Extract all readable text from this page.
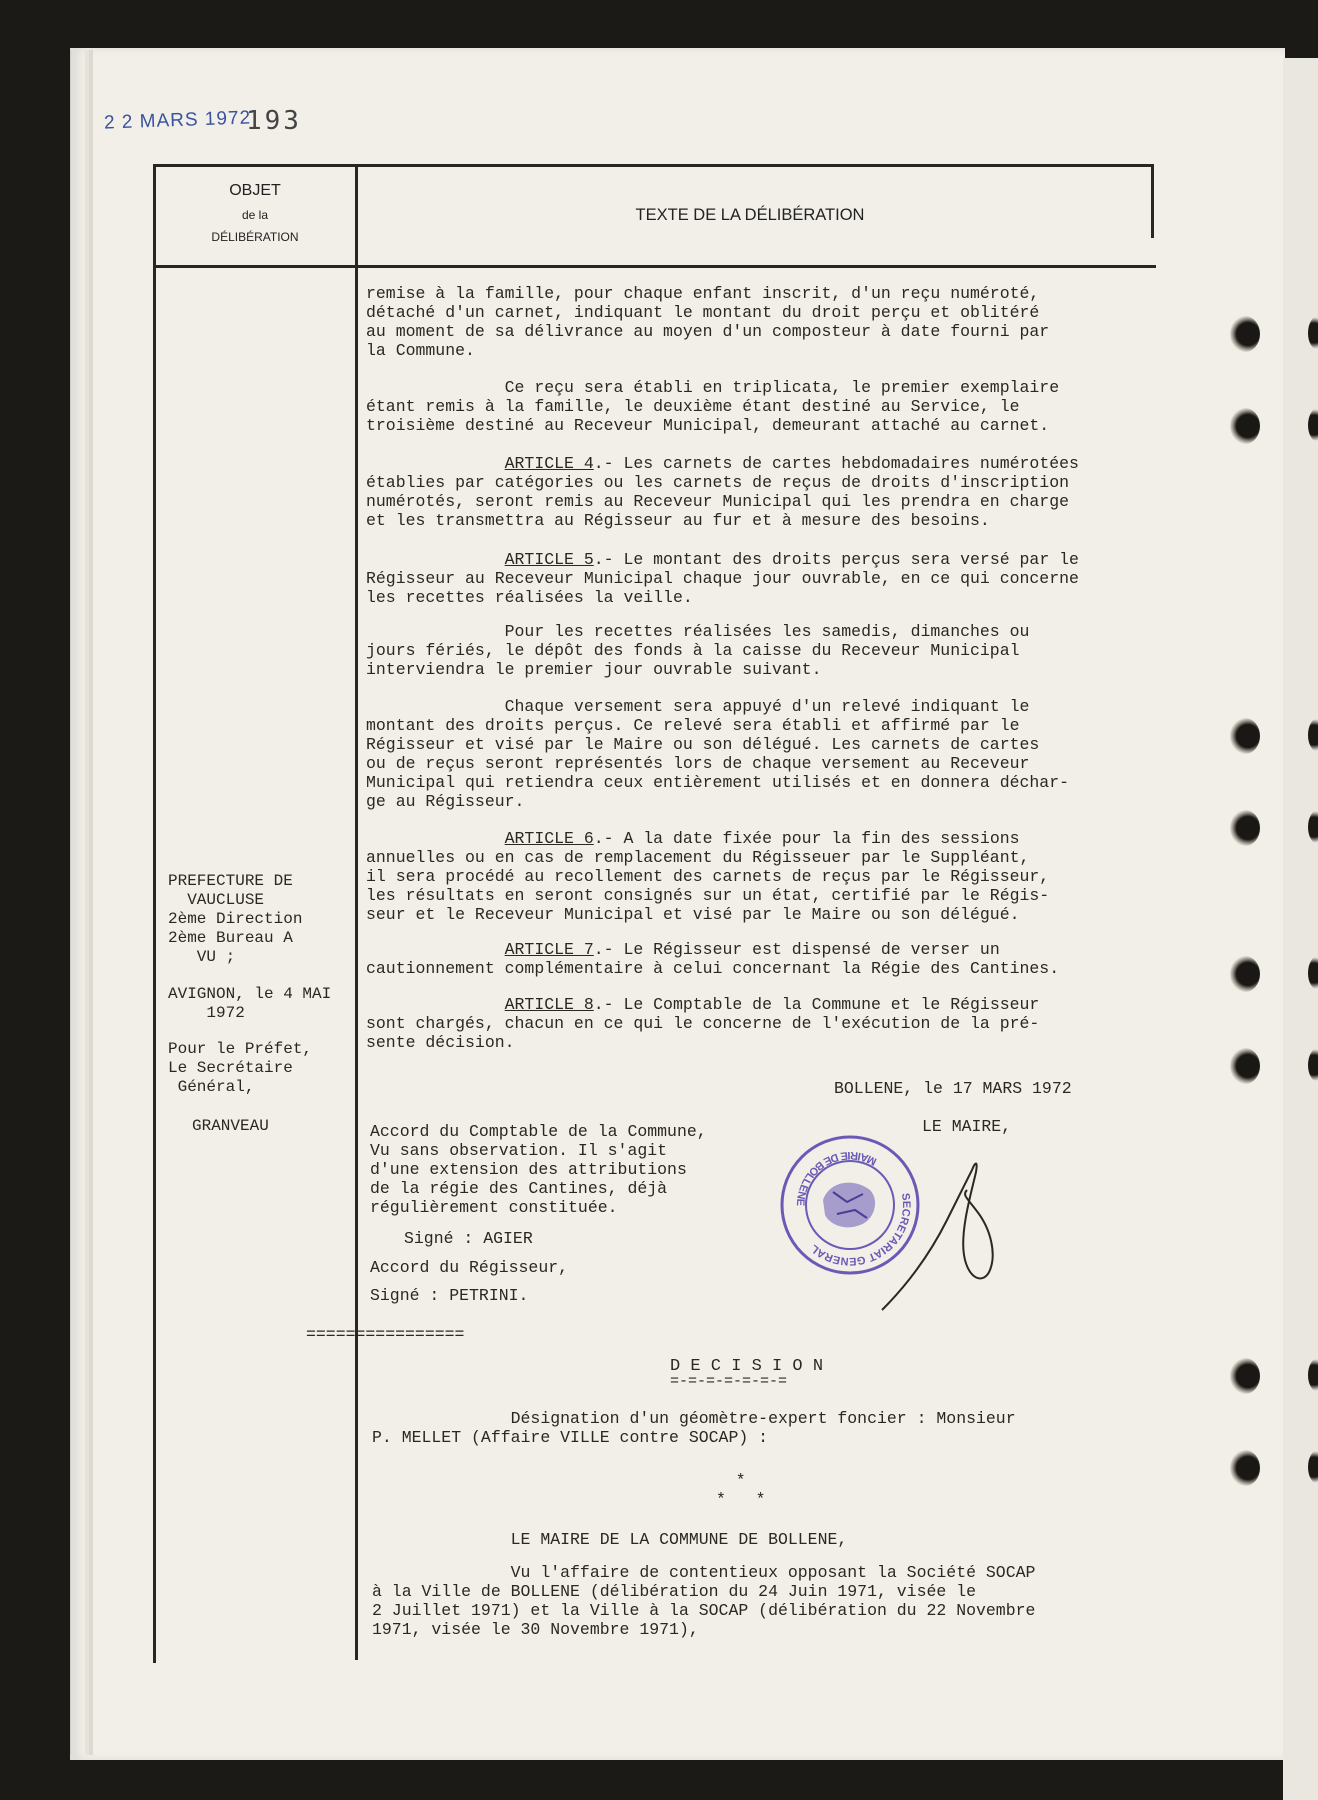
2 2 MARS 1972
193
OBJET
de la
DÉLIBÉRATION
TEXTE DE LA DÉLIBÉRATION
remise à la famille, pour chaque enfant inscrit, d'un reçu numéroté,
détaché d'un carnet, indiquant le montant du droit perçu et oblitéré
au moment de sa délivrance au moyen d'un composteur à date fourni par
la Commune.
Ce reçu sera établi en triplicata, le premier exemplaire
étant remis à la famille, le deuxième étant destiné au Service, le
troisième destiné au Receveur Municipal, demeurant attaché au carnet.
ARTICLE 4.- Les carnets de cartes hebdomadaires numérotées
établies par catégories ou les carnets de reçus de droits d'inscription
numérotés, seront remis au Receveur Municipal qui les prendra en charge
et les transmettra au Régisseur au fur et à mesure des besoins.
ARTICLE 5.- Le montant des droits perçus sera versé par le
Régisseur au Receveur Municipal chaque jour ouvrable, en ce qui concerne
les recettes réalisées la veille.
Pour les recettes réalisées les samedis, dimanches ou
jours fériés, le dépôt des fonds à la caisse du Receveur Municipal
interviendra le premier jour ouvrable suivant.
Chaque versement sera appuyé d'un relevé indiquant le
montant des droits perçus. Ce relevé sera établi et affirmé par le
Régisseur et visé par le Maire ou son délégué. Les carnets de cartes
ou de reçus seront représentés lors de chaque versement au Receveur
Municipal qui retiendra ceux entièrement utilisés et en donnera déchar-
ge au Régisseur.
ARTICLE 6.- A la date fixée pour la fin des sessions
annuelles ou en cas de remplacement du Régisseuer par le Suppléant,
il sera procédé au recollement des carnets de reçus par le Régisseur,
les résultats en seront consignés sur un état, certifié par le Régis-
seur et le Receveur Municipal et visé par le Maire ou son délégué.
ARTICLE 7.- Le Régisseur est dispensé de verser un
cautionnement complémentaire à celui concernant la Régie des Cantines.
ARTICLE 8.- Le Comptable de la Commune et le Régisseur
sont chargés, chacun en ce qui le concerne de l'exécution de la pré-
sente décision.
BOLLENE, le 17 MARS 1972
LE MAIRE,
Accord du Comptable de la Commune,
Vu sans observation. Il s'agit
d'une extension des attributions
de la régie des Cantines, déjà
régulièrement constituée.
Signé : AGIER
Accord du Régisseur,
Signé : PETRINI.
================
D E C I S I O N
=-=-=-=-=-=-=
Désignation d'un géomètre-expert foncier : Monsieur
P. MELLET (Affaire VILLE contre SOCAP) :
*
*   *
LE MAIRE DE LA COMMUNE DE BOLLENE,
Vu l'affaire de contentieux opposant la Société SOCAP
à la Ville de BOLLENE (délibération du 24 Juin 1971, visée le
2 Juillet 1971) et la Ville à la SOCAP (délibération du 22 Novembre
1971, visée le 30 Novembre 1971),
PREFECTURE DE
VAUCLUSE
2ème Direction
2ème Bureau A
VU ;
AVIGNON, le 4 MAI
1972
Pour le Préfet,
Le Secrétaire
Général,
GRANVEAU
SECRETARIAT GENERAL
MAIRIE DE BOLLENE
